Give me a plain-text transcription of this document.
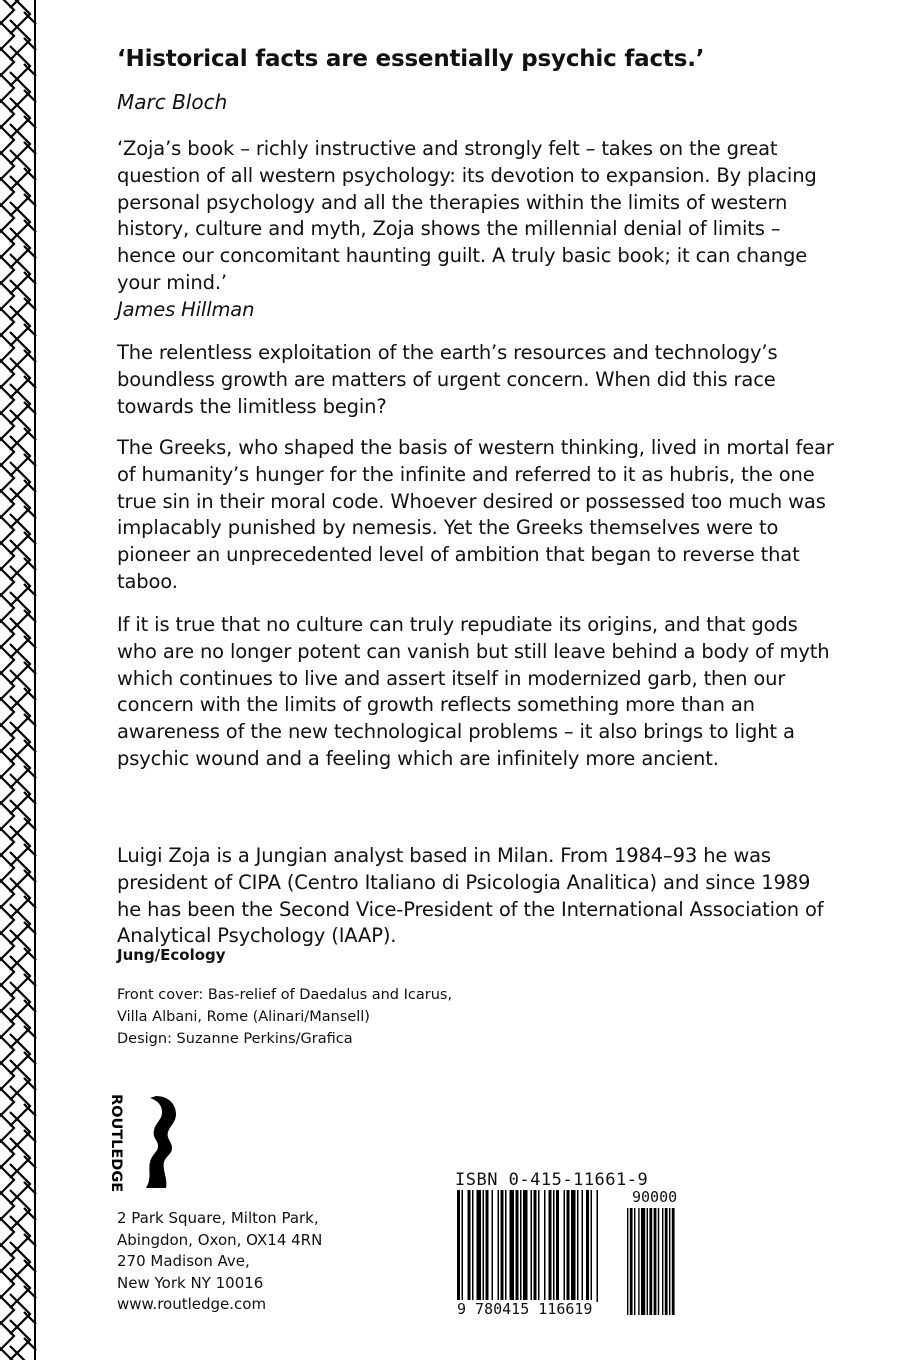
‘Historical facts are essentially psychic facts.’
Marc Bloch
‘Zoja’s book – richly instructive and strongly felt – takes on the great question of all western psychology: its devotion to expansion. By placing personal psychology and all the therapies within the limits of western history, culture and myth, Zoja shows the millennial denial of limits – hence our concomitant haunting guilt. A truly basic book; it can change your mind.’
James Hillman

The relentless exploitation of the earth’s resources and technology’s boundless growth are matters of urgent concern. When did this race towards the limitless begin?

The Greeks, who shaped the basis of western thinking, lived in mortal fear of humanity’s hunger for the infinite and referred to it as hubris, the one true sin in their moral code. Whoever desired or possessed too much was implacably punished by nemesis. Yet the Greeks themselves were to pioneer an unprecedented level of ambition that began to reverse that taboo.

If it is true that no culture can truly repudiate its origins, and that gods who are no longer potent can vanish but still leave behind a body of myth which continues to live and assert itself in modernized garb, then our concern with the limits of growth reflects something more than an awareness of the new technological problems – it also brings to light a psychic wound and a feeling which are infinitely more ancient.

Luigi Zoja is a Jungian analyst based in Milan. From 1984–93 he was president of CIPA (Centro Italiano di Psicologia Analitica) and since 1989 he has been the Second Vice-President of the International Association of Analytical Psychology (IAAP).

Jung/Ecology
Front cover: Bas-relief of Daedalus and Icarus,
Villa Albani, Rome (Alinari/Mansell)
Design: Suzanne Perkins/Grafica
ROUTLEDGE
2 Park Square, Milton Park,
Abingdon, Oxon, OX14 4RN
270 Madison Ave,
New York NY 10016
www.routledge.com
ISBN 0-415-11661-9
90000
9 780415 116619
